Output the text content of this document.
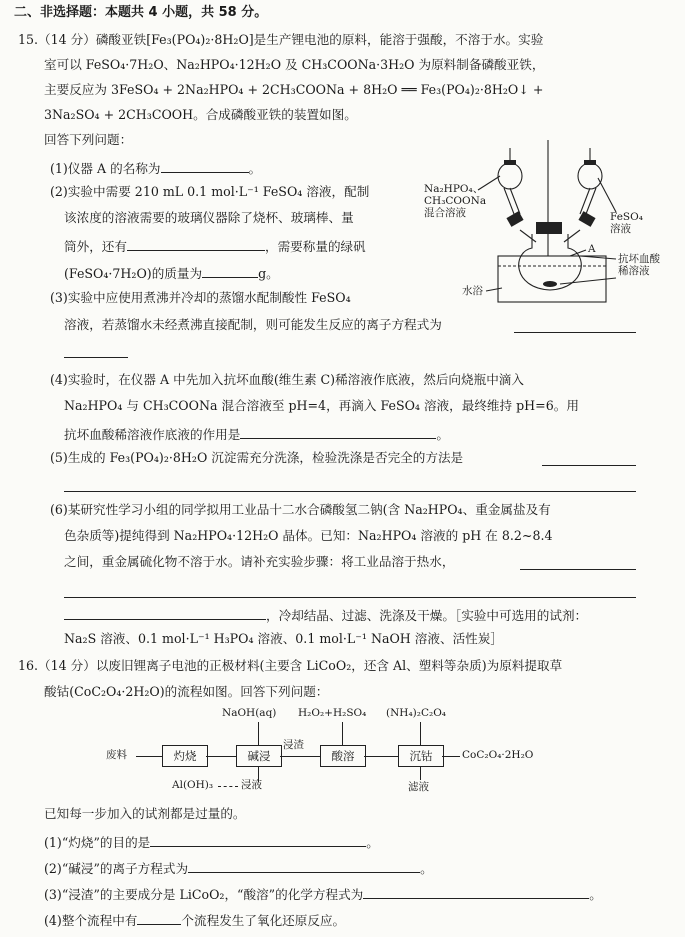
二、非选择题：本题共 4 小题，共 58 分。
15.（14 分）磷酸亚铁[Fe₃(PO₄)₂·8H₂O]是生产锂电池的原料，能溶于强酸，不溶于水。实验
室可以 FeSO₄·7H₂O、Na₂HPO₄·12H₂O 及 CH₃COONa·3H₂O 为原料制备磷酸亚铁，
主要反应为 3FeSO₄ + 2Na₂HPO₄ + 2CH₃COONa + 8H₂O ══ Fe₃(PO₄)₂·8H₂O↓ +
3Na₂SO₄ + 2CH₃COOH。合成磷酸亚铁的装置如图。
回答下列问题：
(1)仪器 A 的名称为	。
(2)实验中需要 210 mL 0.1 mol·L⁻¹ FeSO₄ 溶液，配制
该浓度的溶液需要的玻璃仪器除了烧杯、玻璃棒、量
筒外，还有	，需要称量的绿矾
(FeSO₄·7H₂O)的质量为	g。
(3)实验中应使用煮沸并冷却的蒸馏水配制酸性 FeSO₄
溶液，若蒸馏水未经煮沸直接配制，则可能发生反应的离子方程式为
(4)实验时，在仪器 A 中先加入抗坏血酸(维生素 C)稀溶液作底液，然后向烧瓶中滴入
Na₂HPO₄ 与 CH₃COONa 混合溶液至 pH=4，再滴入 FeSO₄ 溶液，最终维持 pH=6。用
抗坏血酸稀溶液作底液的作用是	。
(5)生成的 Fe₃(PO₄)₂·8H₂O 沉淀需充分洗涤，检验洗涤是否完全的方法是
(6)某研究性学习小组的同学拟用工业品十二水合磷酸氢二钠(含 Na₂HPO₄、重金属盐及有
色杂质等)提纯得到 Na₂HPO₄·12H₂O 晶体。已知：Na₂HPO₄ 溶液的 pH 在 8.2~8.4
之间，重金属硫化物不溶于水。请补充实验步骤：将工业品溶于热水，
，冷却结晶、过滤、洗涤及干燥。［实验中可选用的试剂：
Na₂S 溶液、0.1 mol·L⁻¹ H₃PO₄ 溶液、0.1 mol·L⁻¹ NaOH 溶液、活性炭］
Na₂HPO₄、
CH₃COONa
混合溶液	FeSO₄
溶液
A
抗坏血酸
稀溶液
水浴
16.（14 分）以废旧锂离子电池的正极材料(主要含 LiCoO₂，还含 Al、塑料等杂质)为原料提取草
酸钴(CoC₂O₄·2H₂O)的流程如图。回答下列问题：
废料	灼烧	碱浸
浸渣
酸溶	沉钴	CoC₂O₄·2H₂O
NaOH(aq) H₂O₂+H₂SO₄ (NH₄)₂C₂O₄
Al(OH)₃	浸液	滤液
已知每一步加入的试剂都是过量的。
(1)“灼烧”的目的是	。
(2)“碱浸”的离子方程式为	。
(3)“浸渣”的主要成分是 LiCoO₂，“酸溶”的化学方程式为	。
(4)整个流程中有	个流程发生了氧化还原反应。
